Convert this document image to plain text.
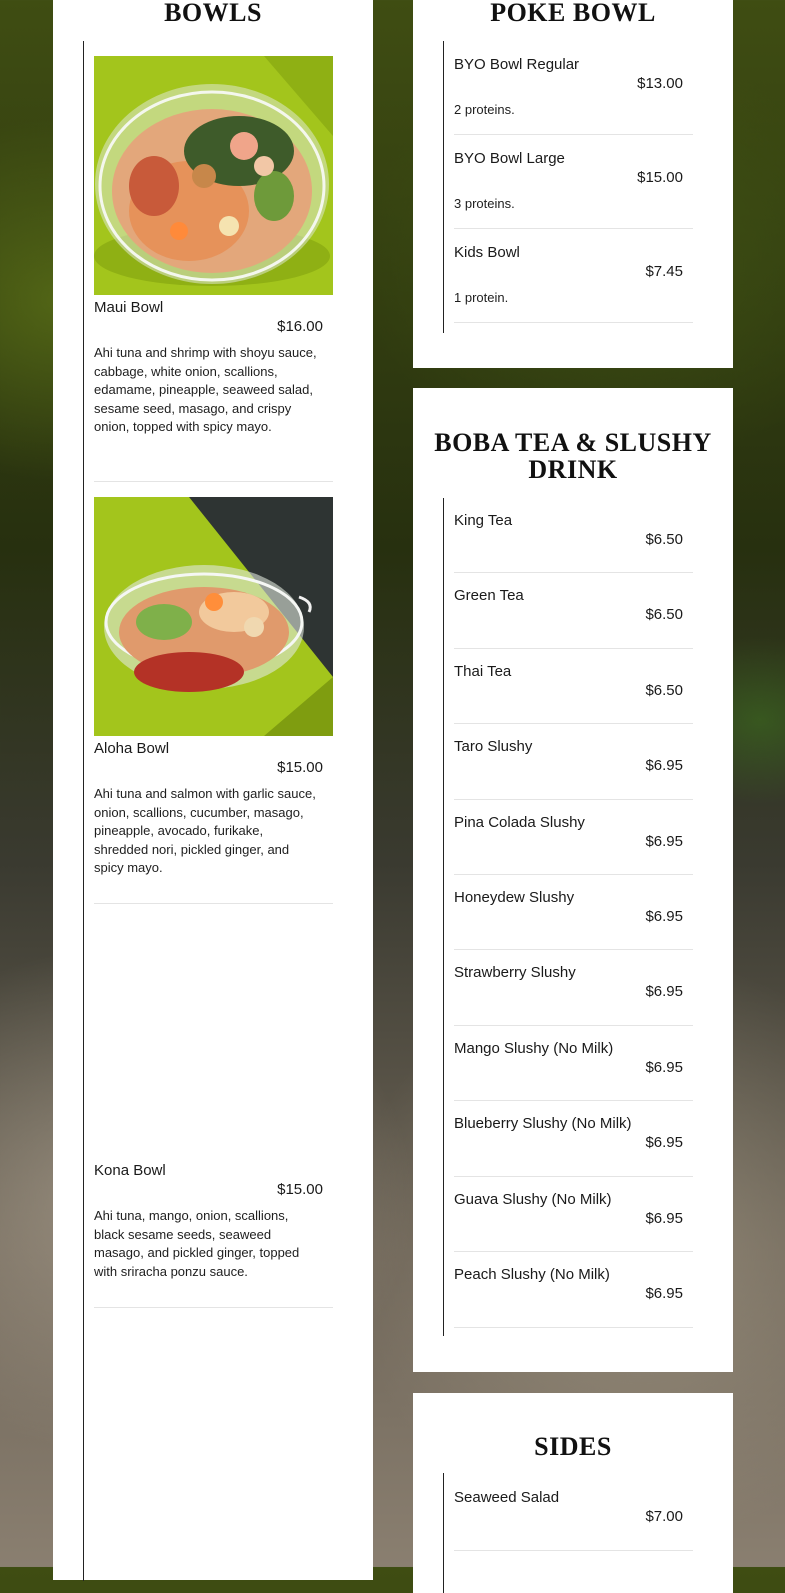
BOWLS
Maui Bowl
$16.00
Ahi tuna and shrimp with shoyu sauce, cabbage, white onion, scallions, edamame, pineapple, seaweed salad, sesame seed, masago, and crispy onion, topped with spicy mayo.
Aloha Bowl
$15.00
Ahi tuna and salmon with garlic sauce, onion, scallions, cucumber, masago, pineapple, avocado, furikake, shredded nori, pickled ginger, and spicy mayo.
Kona Bowl
$15.00
Ahi tuna, mango, onion, scallions, black sesame seeds, seaweed masago, and pickled ginger, topped with sriracha ponzu sauce.
POKE BOWL
BYO Bowl Regular
$13.00
2 proteins.
BYO Bowl Large
$15.00
3 proteins.
Kids Bowl
$7.45
1 protein.
BOBA TEA & SLUSHY DRINK
King Tea
$6.50
Green Tea
$6.50
Thai Tea
$6.50
Taro Slushy
$6.95
Pina Colada Slushy
$6.95
Honeydew Slushy
$6.95
Strawberry Slushy
$6.95
Mango Slushy (No Milk)
$6.95
Blueberry Slushy (No Milk)
$6.95
Guava Slushy (No Milk)
$6.95
Peach Slushy (No Milk)
$6.95
SIDES
Seaweed Salad
$7.00
